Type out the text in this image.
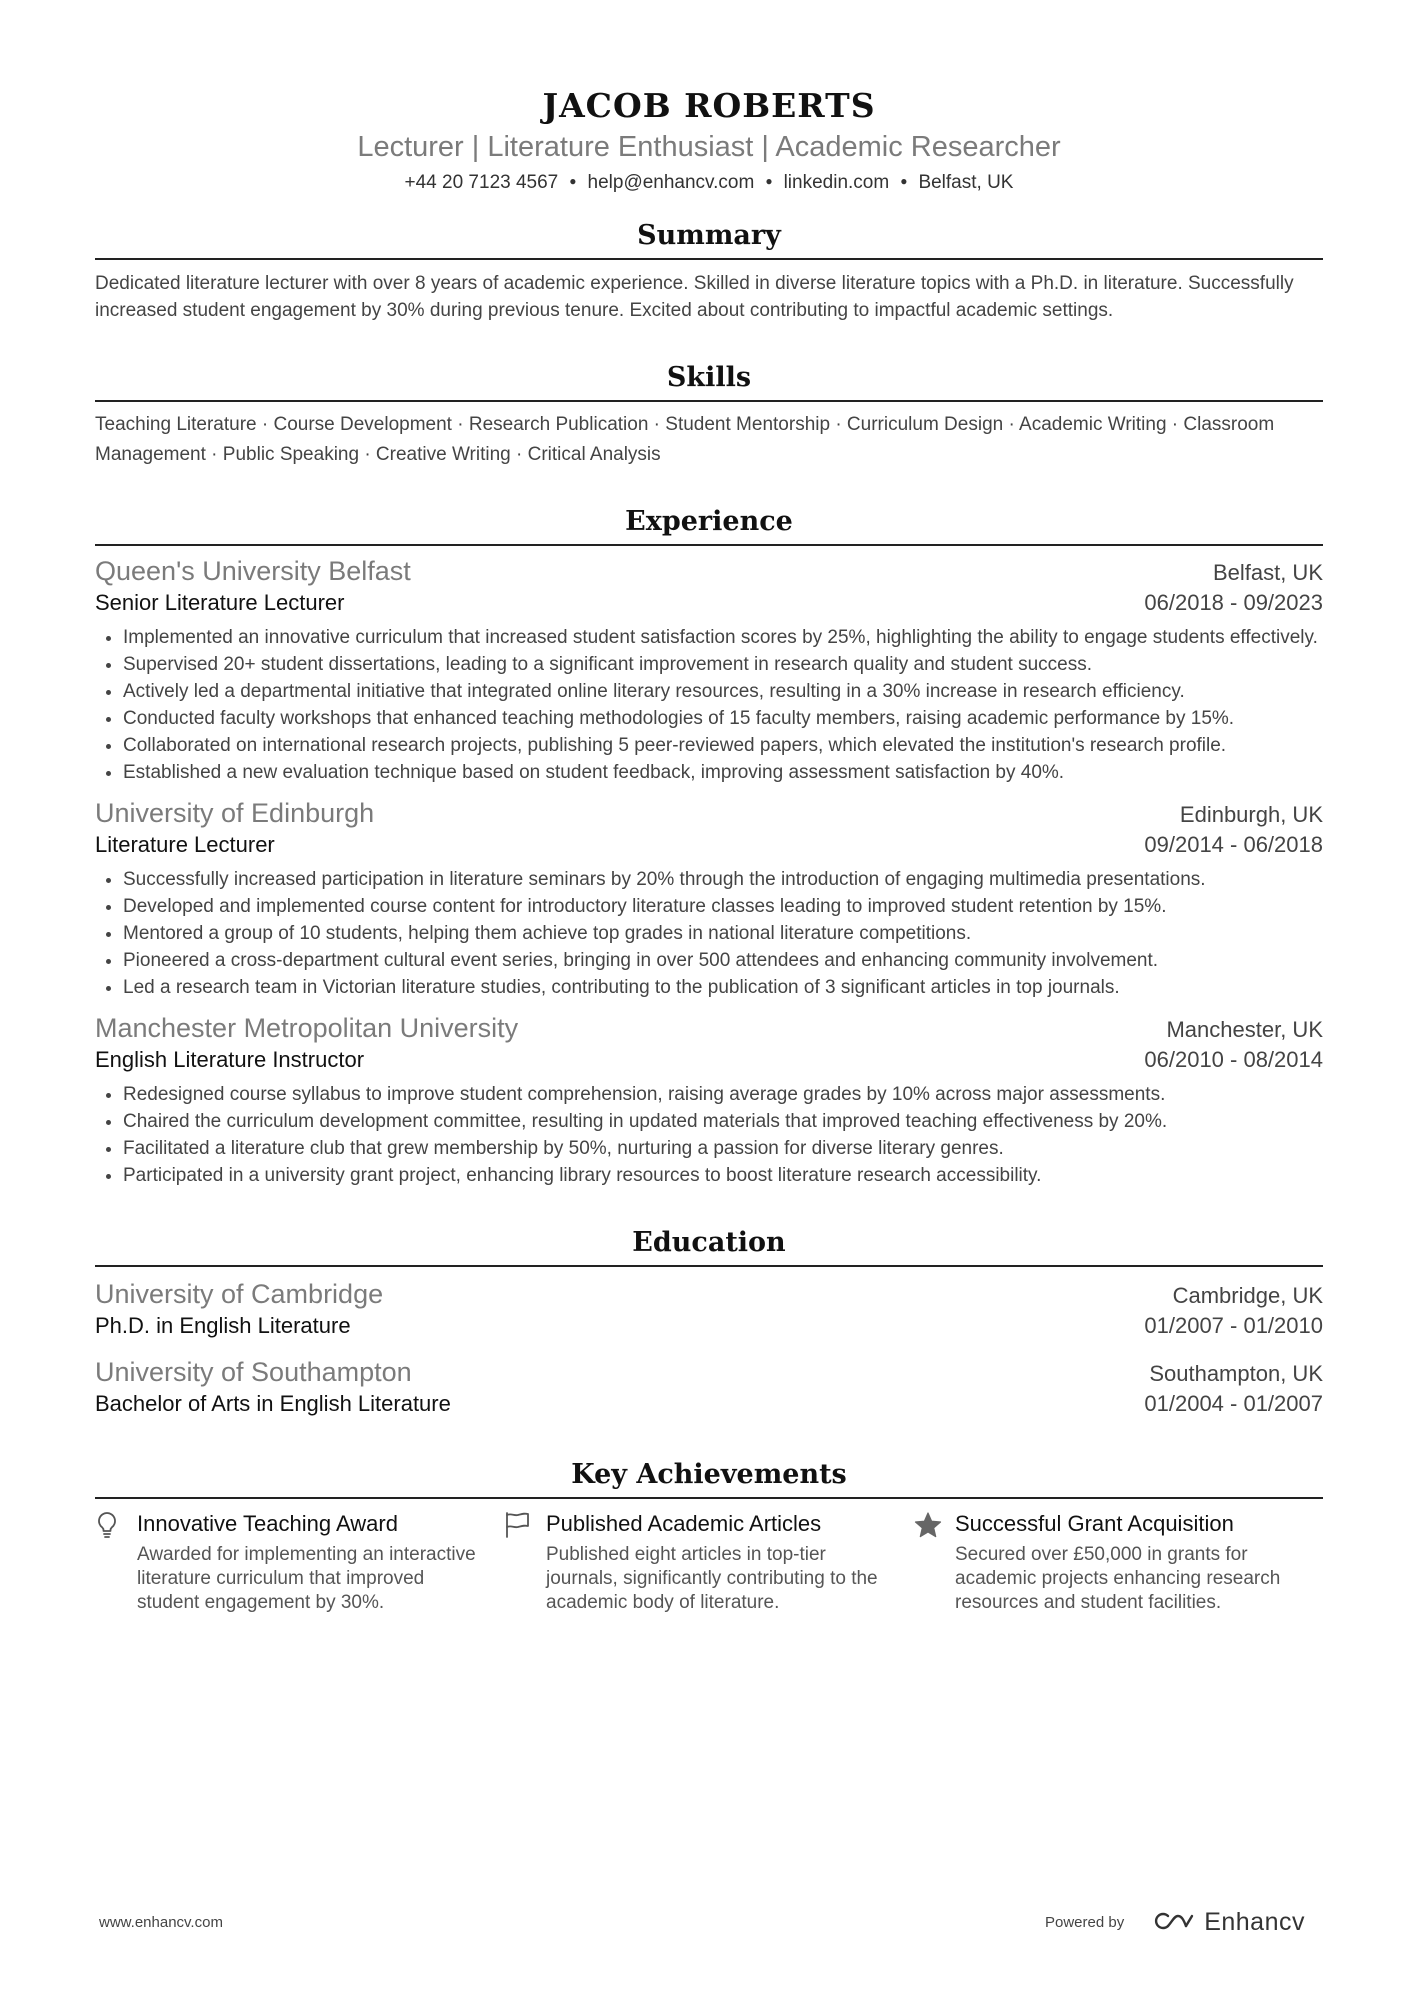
JACOB ROBERTS
Lecturer | Literature Enthusiast | Academic Researcher
+44 20 7123 4567 ● help@enhancv.com ● linkedin.com ● Belfast, UK
Summary
Dedicated literature lecturer with over 8 years of academic experience. Skilled in diverse literature topics with a Ph.D. in literature. Successfully increased student engagement by 30% during previous tenure. Excited about contributing to impactful academic settings.
Skills
Teaching Literature · Course Development · Research Publication · Student Mentorship · Curriculum Design · Academic Writing · Classroom Management · Public Speaking · Creative Writing · Critical Analysis
Experience
Queen's University Belfast	Belfast, UK
Senior Literature Lecturer	06/2018 - 09/2023
• Implemented an innovative curriculum that increased student satisfaction scores by 25%, highlighting the ability to engage students effectively.
• Supervised 20+ student dissertations, leading to a significant improvement in research quality and student success.
• Actively led a departmental initiative that integrated online literary resources, resulting in a 30% increase in research efficiency.
• Conducted faculty workshops that enhanced teaching methodologies of 15 faculty members, raising academic performance by 15%.
• Collaborated on international research projects, publishing 5 peer-reviewed papers, which elevated the institution's research profile.
• Established a new evaluation technique based on student feedback, improving assessment satisfaction by 40%.
University of Edinburgh	Edinburgh, UK
Literature Lecturer	09/2014 - 06/2018
• Successfully increased participation in literature seminars by 20% through the introduction of engaging multimedia presentations.
• Developed and implemented course content for introductory literature classes leading to improved student retention by 15%.
• Mentored a group of 10 students, helping them achieve top grades in national literature competitions.
• Pioneered a cross-department cultural event series, bringing in over 500 attendees and enhancing community involvement.
• Led a research team in Victorian literature studies, contributing to the publication of 3 significant articles in top journals.
Manchester Metropolitan University	Manchester, UK
English Literature Instructor	06/2010 - 08/2014
• Redesigned course syllabus to improve student comprehension, raising average grades by 10% across major assessments.
• Chaired the curriculum development committee, resulting in updated materials that improved teaching effectiveness by 20%.
• Facilitated a literature club that grew membership by 50%, nurturing a passion for diverse literary genres.
• Participated in a university grant project, enhancing library resources to boost literature research accessibility.
Education
University of Cambridge	Cambridge, UK
Ph.D. in English Literature	01/2007 - 01/2010
University of Southampton	Southampton, UK
Bachelor of Arts in English Literature	01/2004 - 01/2007
Key Achievements
Innovative Teaching Award
Awarded for implementing an interactive literature curriculum that improved student engagement by 30%.
Published Academic Articles
Published eight articles in top-tier journals, significantly contributing to the academic body of literature.
Successful Grant Acquisition
Secured over £50,000 in grants for academic projects enhancing research resources and student facilities.
www.enhancv.com	Powered by	Enhancv
